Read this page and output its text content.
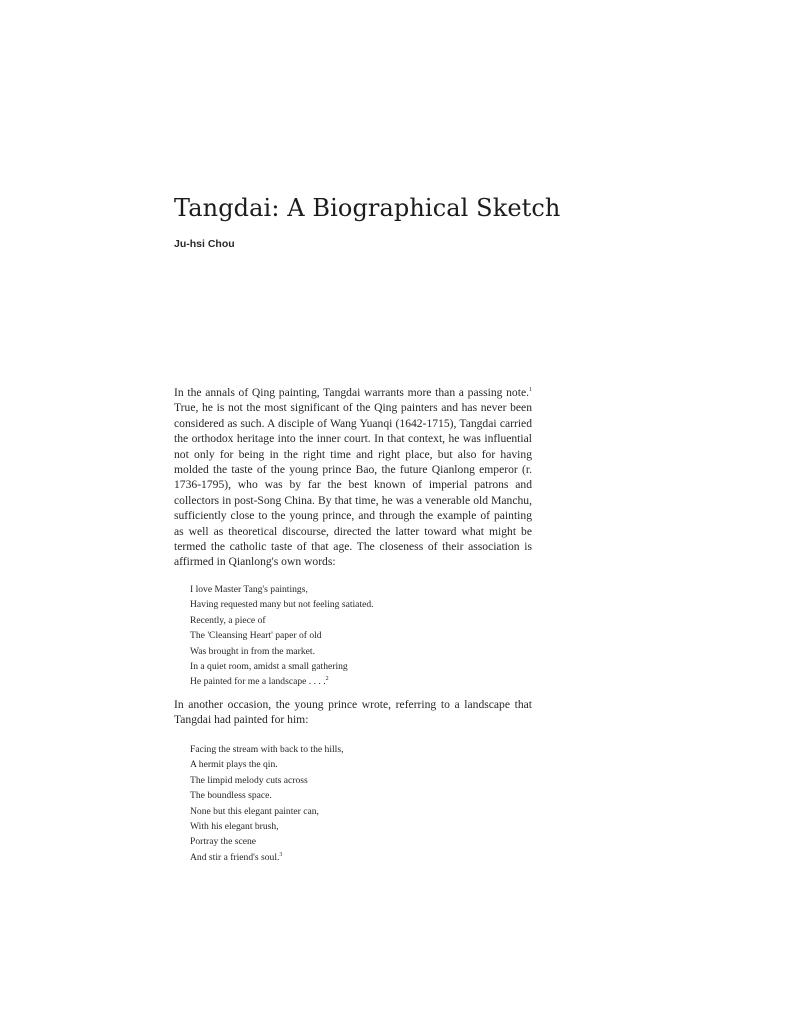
Tangdai: A Biographical Sketch
Ju-hsi Chou

In the annals of Qing painting, Tangdai warrants more than a passing note.$^1$ True, he is not the most significant of the Qing painters and has never been considered as such. A disciple of Wang Yuanqi (1642-1715), Tangdai carried the orthodox heritage into the inner court. In that context, he was influential not only for being in the right time and right place, but also for having molded the taste of the young prince Bao, the future Qianlong emperor (r. 1736-1795), who was by far the best known of imperial patrons and collectors in post-Song China. By that time, he was a venerable old Manchu, sufficiently close to the young prince, and through the example of painting as well as theoretical discourse, directed the latter toward what might be termed the catholic taste of that age. The closeness of their association is affirmed in Qianlong's own words:

I love Master Tang's paintings,
Having requested many but not feeling satiated.
Recently, a piece of
The 'Cleansing Heart' paper of old
Was brought in from the market.
In a quiet room, amidst a small gathering
He painted for me a landscape . . . .$^2$

In another occasion, the young prince wrote, referring to a landscape that Tangdai had painted for him:

Facing the stream with back to the hills,
A hermit plays the qin.
The limpid melody cuts across
The boundless space.
None but this elegant painter can,
With his elegant brush,
Portray the scene
And stir a friend's soul.$^3$
